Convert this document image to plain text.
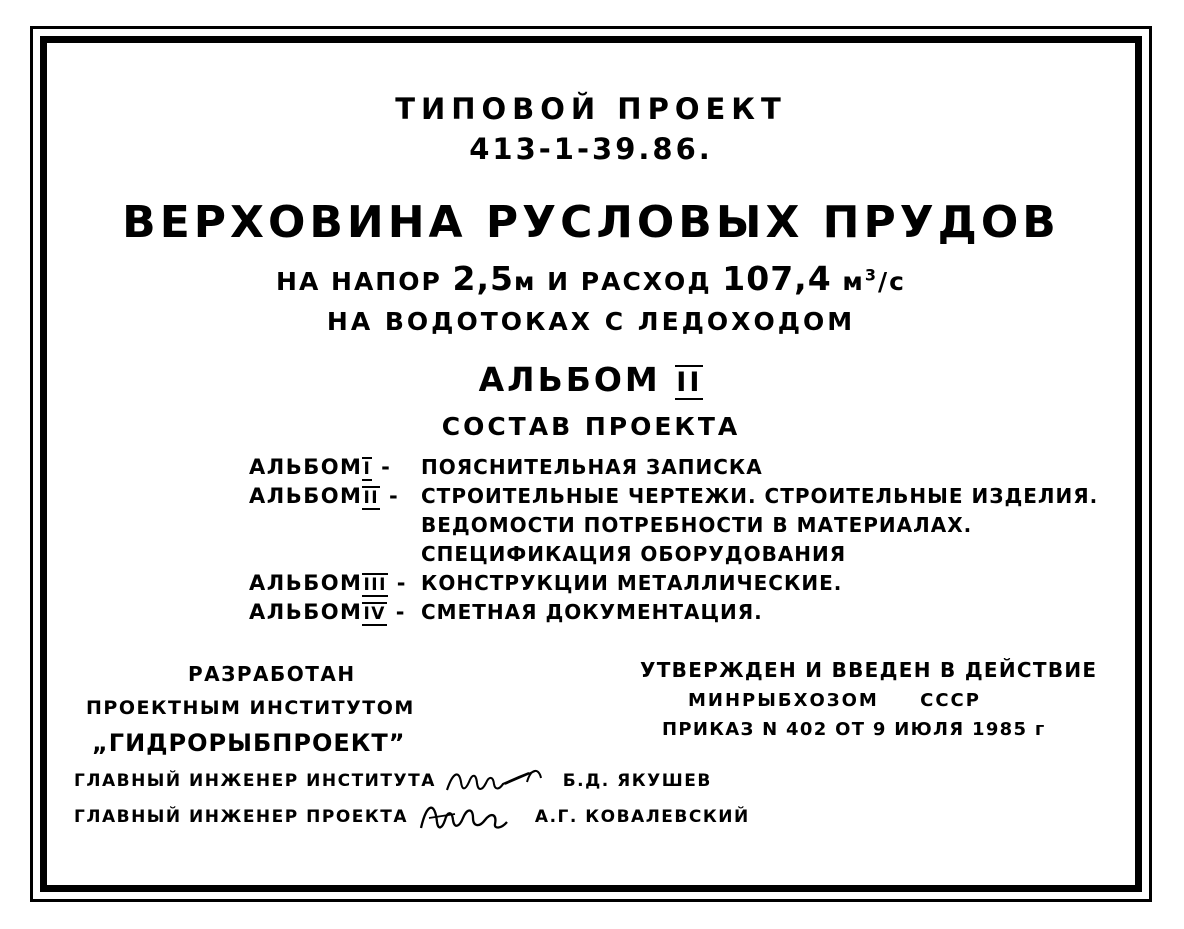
ТИПОВОЙ ПРОЕКТ
413-1-39.86.
ВЕРХОВИНА РУСЛОВЫХ ПРУДОВ
НА НАПОР 2,5м И РАСХОД 107,4 $м^3/с$
НА ВОДОТОКАХ С ЛЕДОХОДОМ
АЛЬБОМ II
СОСТАВ ПРОЕКТА
АЛЬБОМI - ПОЯСНИТЕЛЬНАЯ ЗАПИСКА
АЛЬБОМII - СТРОИТЕЛЬНЫЕ ЧЕРТЕЖИ. СТРОИТЕЛЬНЫЕ ИЗДЕЛИЯ.
ВЕДОМОСТИ ПОТРЕБНОСТИ В МАТЕРИАЛАХ.
СПЕЦИФИКАЦИЯ ОБОРУДОВАНИЯ
АЛЬБОМIII - КОНСТРУКЦИИ МЕТАЛЛИЧЕСКИЕ.
АЛЬБОМIV - СМЕТНАЯ ДОКУМЕНТАЦИЯ.
РАЗРАБОТАН
ПРОЕКТНЫМ ИНСТИТУТОМ
„ГИДРОРЫБПРОЕКТ”
ГЛАВНЫЙ ИНЖЕНЕР ИНСТИТУТА	Б.Д. ЯКУШЕВ
ГЛАВНЫЙ ИНЖЕНЕР ПРОЕКТА	А.Г. КОВАЛЕВСКИЙ
УТВЕРЖДЕН И ВВЕДЕН В ДЕЙСТВИЕ
МИНРЫБХОЗОМ СССР
ПРИКАЗ N 402 ОТ 9 ИЮЛЯ 1985 г
